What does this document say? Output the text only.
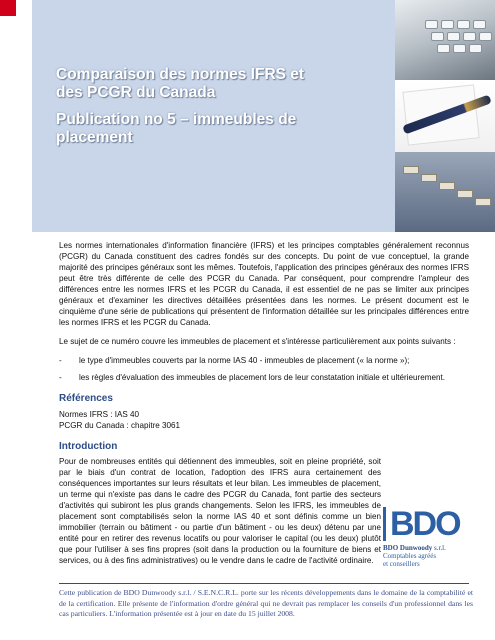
Comparaison des normes IFRS et des PCGR du Canada
Publication no 5 – immeubles de placement

Les normes internationales d'information financière (IFRS) et les principes comptables généralement reconnus (PCGR) du Canada constituent des cadres fondés sur des concepts. Du point de vue conceptuel, la grande majorité des principes généraux sont les mêmes. Toutefois, l'application des principes généraux des normes IFRS peut être très différente de celle des PCGR du Canada. Par conséquent, pour comprendre l'ampleur des différences entre les normes IFRS et les PCGR du Canada, il est essentiel de ne pas se limiter aux principes généraux et d'examiner les directives détaillées présentées dans les normes. Le présent document est le cinquième d'une série de publications qui présentent de l'information détaillée sur les principales différences entre les normes IFRS et les PCGR du Canada.

Le sujet de ce numéro couvre les immeubles de placement et s'intéresse particulièrement aux points suivants :

- le type d'immeubles couverts par la norme IAS 40 - immeubles de placement (« la norme »);
- les règles d'évaluation des immeubles de placement lors de leur constatation initiale et ultérieurement.
Références
Normes IFRS : IAS 40
PCGR du Canada : chapitre 3061
Introduction

Pour de nombreuses entités qui détiennent des immeubles, soit en pleine propriété, soit par le biais d'un contrat de location, l'adoption des IFRS aura certainement des conséquences importantes sur leurs résultats et leur bilan. Les immeubles de placement, un terme qui n'existe pas dans le cadre des PCGR du Canada, font partie des secteurs d'activités qui subiront les plus grands changements. Selon les IFRS, les immeubles de placement sont comptabilisés selon la norme IAS 40 et sont définis comme un bien immobilier (terrain ou bâtiment - ou partie d'un bâtiment - ou les deux) détenu par une entité pour en retirer des revenus locatifs ou pour valoriser le capital (ou les deux) plutôt que pour l'utiliser à ses fins propres (soit dans la production ou la fourniture de biens et services, ou à des fins administratives) ou le vendre dans le cadre de l'activité ordinaire.

BDO
BDO Dunwoody s.r.l.
Comptables agréés
et conseillers
Cette publication de BDO Dunwoody s.r.l. / S.E.N.C.R.L. porte sur les récents développements dans le domaine de la comptabilité et de la certification. Elle présente de l'information d'ordre général qui ne devrait pas remplacer les conseils d'un professionnel dans les cas particuliers. L'information présentée est à jour en date du 15 juillet 2008.
